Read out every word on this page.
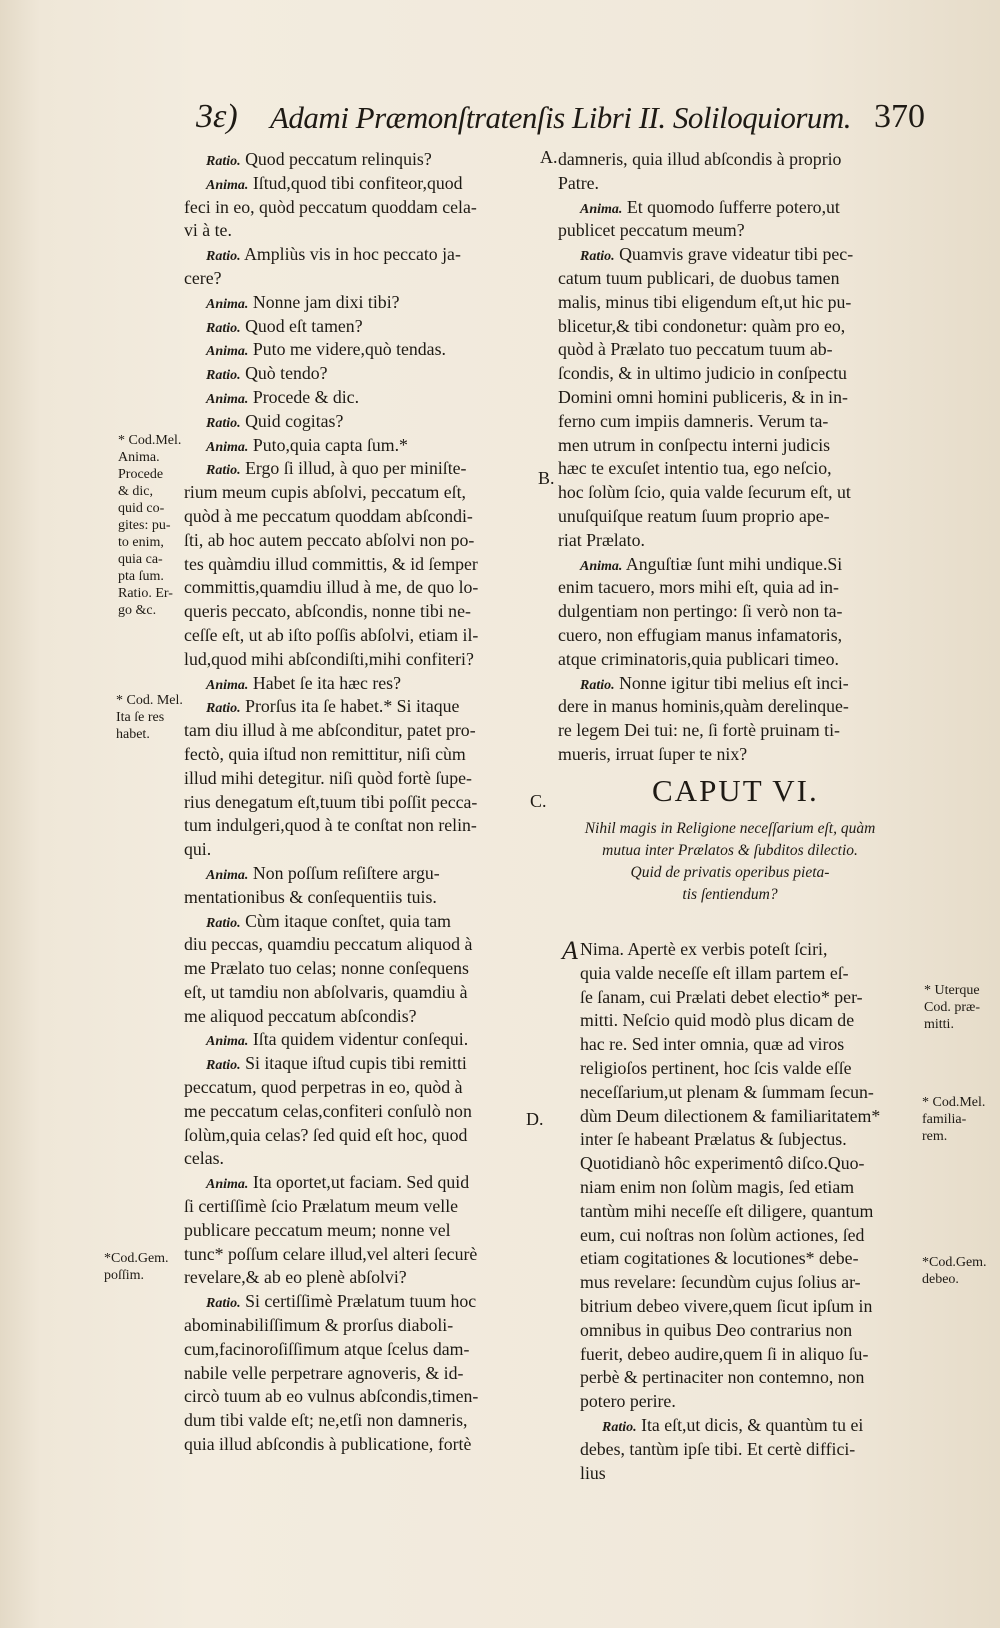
3ɛ) Adami Præmonſtratenſis Libri II. Soliloquiorum. 370
A.
B.
C.
D.
Ratio. Quod peccatum relinquis?
Anima. Iſtud,quod tibi confiteor,quod
feci in eo, quòd peccatum quoddam cela-
vi à te.
Ratio. Ampliùs vis in hoc peccato ja-
cere?
Anima. Nonne jam dixi tibi?
Ratio. Quod eſt tamen?
Anima. Puto me videre,quò tendas.
Ratio. Quò tendo?
Anima. Procede & dic.
Ratio. Quid cogitas?
Anima. Puto,quia capta ſum.*
Ratio. Ergo ſi illud, à quo per miniſte-
rium meum cupis abſolvi, peccatum eſt,
quòd à me peccatum quoddam abſcondi-
ſti, ab hoc autem peccato abſolvi non po-
tes quàmdiu illud committis, & id ſemper
committis,quamdiu illud à me, de quo lo-
queris peccato, abſcondis, nonne tibi ne-
ceſſe eſt, ut ab iſto poſſis abſolvi, etiam il-
lud,quod mihi abſcondiſti,mihi confiteri?
Anima. Habet ſe ita hæc res?
Ratio. Prorſus ita ſe habet.* Si itaque
tam diu illud à me abſconditur, patet pro-
fectò, quia iſtud non remittitur, niſi cùm
illud mihi detegitur. niſi quòd fortè ſupe-
rius denegatum eſt,tuum tibi poſſit pecca-
tum indulgeri,quod à te conſtat non relin-
qui.
Anima. Non poſſum reſiſtere argu-
mentationibus & conſequentiis tuis.
Ratio. Cùm itaque conſtet, quia tam
diu peccas, quamdiu peccatum aliquod à
me Prælato tuo celas; nonne conſequens
eſt, ut tamdiu non abſolvaris, quamdiu à
me aliquod peccatum abſcondis?
Anima. Iſta quidem videntur conſequi.
Ratio. Si itaque iſtud cupis tibi remitti
peccatum, quod perpetras in eo, quòd à
me peccatum celas,confiteri conſulò non
ſolùm,quia celas? ſed quid eſt hoc, quod
celas.
Anima. Ita oportet,ut faciam. Sed quid
ſi certiſſimè ſcio Prælatum meum velle
publicare peccatum meum; nonne vel
tunc* poſſum celare illud,vel alteri ſecurè
revelare,& ab eo plenè abſolvi?
Ratio. Si certiſſimè Prælatum tuum hoc
abominabiliſſimum & prorſus diaboli-
cum,facinoroſiſſimum atque ſcelus dam-
nabile velle perpetrare agnoveris, & id-
circò tuum ab eo vulnus abſcondis,timen-
dum tibi valde eſt; ne,etſi non damneris,
quia illud abſcondis à publicatione, fortè
damneris, quia illud abſcondis à proprio
Patre.
Anima. Et quomodo ſufferre potero,ut
publicet peccatum meum?
Ratio. Quamvis grave videatur tibi pec-
catum tuum publicari, de duobus tamen
malis, minus tibi eligendum eſt,ut hic pu-
blicetur,& tibi condonetur: quàm pro eo,
quòd à Prælato tuo peccatum tuum ab-
ſcondis, & in ultimo judicio in conſpectu
Domini omni homini publiceris, & in in-
ferno cum impiis damneris. Verum ta-
men utrum in conſpectu interni judicis
hæc te excuſet intentio tua, ego neſcio,
hoc ſolùm ſcio, quia valde ſecurum eſt, ut
unuſquiſque reatum ſuum proprio ape-
riat Prælato.
Anima. Anguſtiæ ſunt mihi undique.Si
enim tacuero, mors mihi eſt, quia ad in-
dulgentiam non pertingo: ſi verò non ta-
cuero, non effugiam manus infamatoris,
atque criminatoris,quia publicari timeo.
Ratio. Nonne igitur tibi melius eſt inci-
dere in manus hominis,quàm derelinque-
re legem Dei tui: ne, ſi fortè pruinam ti-
mueris, irruat ſuper te nix?
CAPUT VI.
Nihil magis in Religione neceſſarium eſt, quàm
mutua inter Prælatos & ſubditos dilectio.
Quid de privatis operibus pieta-
tis ſentiendum?
A Nima. Apertè ex verbis poteſt ſciri,
quia valde neceſſe eſt illam partem eſ-
ſe ſanam, cui Prælati debet electio* per-
mitti. Neſcio quid modò plus dicam de
hac re. Sed inter omnia, quæ ad viros
religioſos pertinent, hoc ſcis valde eſſe
neceſſarium,ut plenam & ſummam ſecun-
dùm Deum dilectionem & familiaritatem*
inter ſe habeant Prælatus & ſubjectus.
Quotidianò hôc experimentô diſco.Quo-
niam enim non ſolùm magis, ſed etiam
tantùm mihi neceſſe eſt diligere, quantum
eum, cui noſtras non ſolùm actiones, ſed
etiam cogitationes & locutiones* debe-
mus revelare: ſecundùm cujus ſolius ar-
bitrium debeo vivere,quem ſicut ipſum in
omnibus in quibus Deo contrarius non
fuerit, debeo audire,quem ſi in aliquo ſu-
perbè & pertinaciter non contemno, non
potero perire.
Ratio. Ita eſt,ut dicis, & quantùm tu ei
debes, tantùm ipſe tibi. Et certè diffici-
lius
* Cod.Mel.
Anima.
Procede
& dic,
quid co-
gites: pu-
to enim,
quia ca-
pta ſum.
Ratio. Er-
go &c.
* Cod. Mel.
Ita ſe res
habet.
*Cod.Gem.
poſſim.
* Uterque
Cod. præ-
mitti.
* Cod.Mel.
familia-
rem.
*Cod.Gem.
debeo.
